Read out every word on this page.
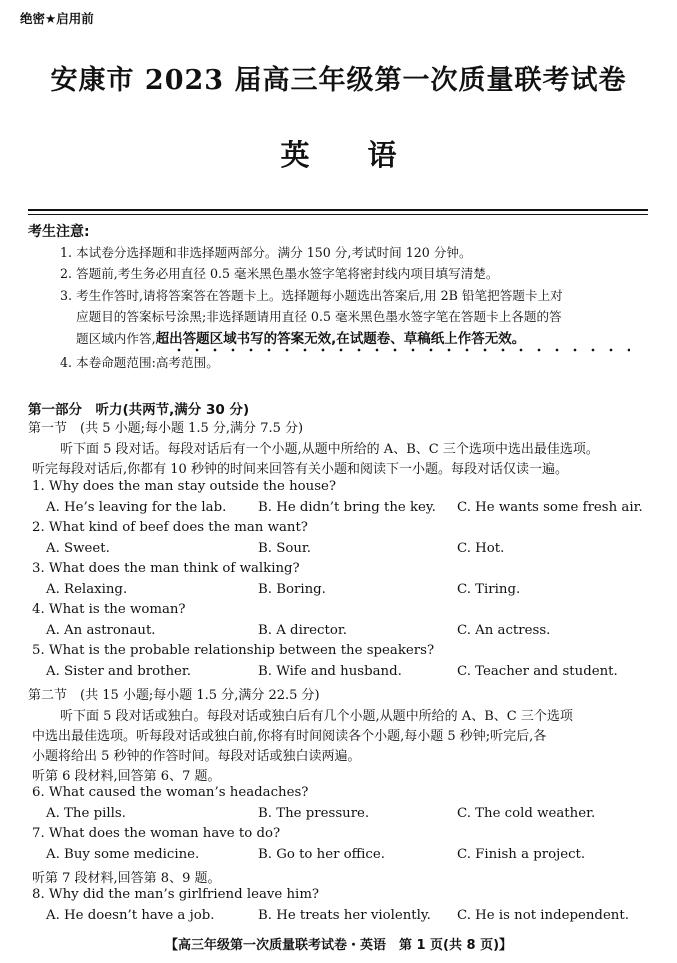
绝密★启用前
安康市 2023 届高三年级第一次质量联考试卷
英 语
考生注意:
1. 本试卷分选择题和非选择题两部分。满分 150 分,考试时间 120 分钟。
2. 答题前,考生务必用直径 0.5 毫米黑色墨水签字笔将密封线内项目填写清楚。
3. 考生作答时,请将答案答在答题卡上。选择题每小题选出答案后,用 2B 铅笔把答题卡上对
应题目的答案标号涂黑;非选择题请用直径 0.5 毫米黑色墨水签字笔在答题卡上各题的答
题区域内作答,超出答题区域书写的答案无效,在试题卷、草稿纸上作答无效。
4. 本卷命题范围:高考范围。
第一部分　听力(共两节,满分 30 分)
第一节　(共 5 小题;每小题 1.5 分,满分 7.5 分)
听下面 5 段对话。每段对话后有一个小题,从题中所给的 A、B、C 三个选项中选出最佳选项。
听完每段对话后,你都有 10 秒钟的时间来回答有关小题和阅读下一小题。每段对话仅读一遍。
1. Why does the man stay outside the house?
A. He’s leaving for the lab. B. He didn’t bring the key. C. He wants some fresh air.
2. What kind of beef does the man want?
A. Sweet.	B. Sour.	C. Hot.
3. What does the man think of walking?
A. Relaxing.	B. Boring.	C. Tiring.
4. What is the woman?
A. An astronaut.	B. A director.	C. An actress.
5. What is the probable relationship between the speakers?
A. Sister and brother.	B. Wife and husband.	C. Teacher and student.
第二节　(共 15 小题;每小题 1.5 分,满分 22.5 分)
听下面 5 段对话或独白。每段对话或独白后有几个小题,从题中所给的 A、B、C 三个选项
中选出最佳选项。听每段对话或独白前,你将有时间阅读各个小题,每小题 5 秒钟;听完后,各
小题将给出 5 秒钟的作答时间。每段对话或独白读两遍。
听第 6 段材料,回答第 6、7 题。
6. What caused the woman’s headaches?
A. The pills.	B. The pressure.	C. The cold weather.
7. What does the woman have to do?
A. Buy some medicine.	B. Go to her office.	C. Finish a project.
听第 7 段材料,回答第 8、9 题。
8. Why did the man’s girlfriend leave him?
A. He doesn’t have a job.	B. He treats her violently. C. He is not independent.
【高三年级第一次质量联考试卷・英语　第 1 页(共 8 页)】
